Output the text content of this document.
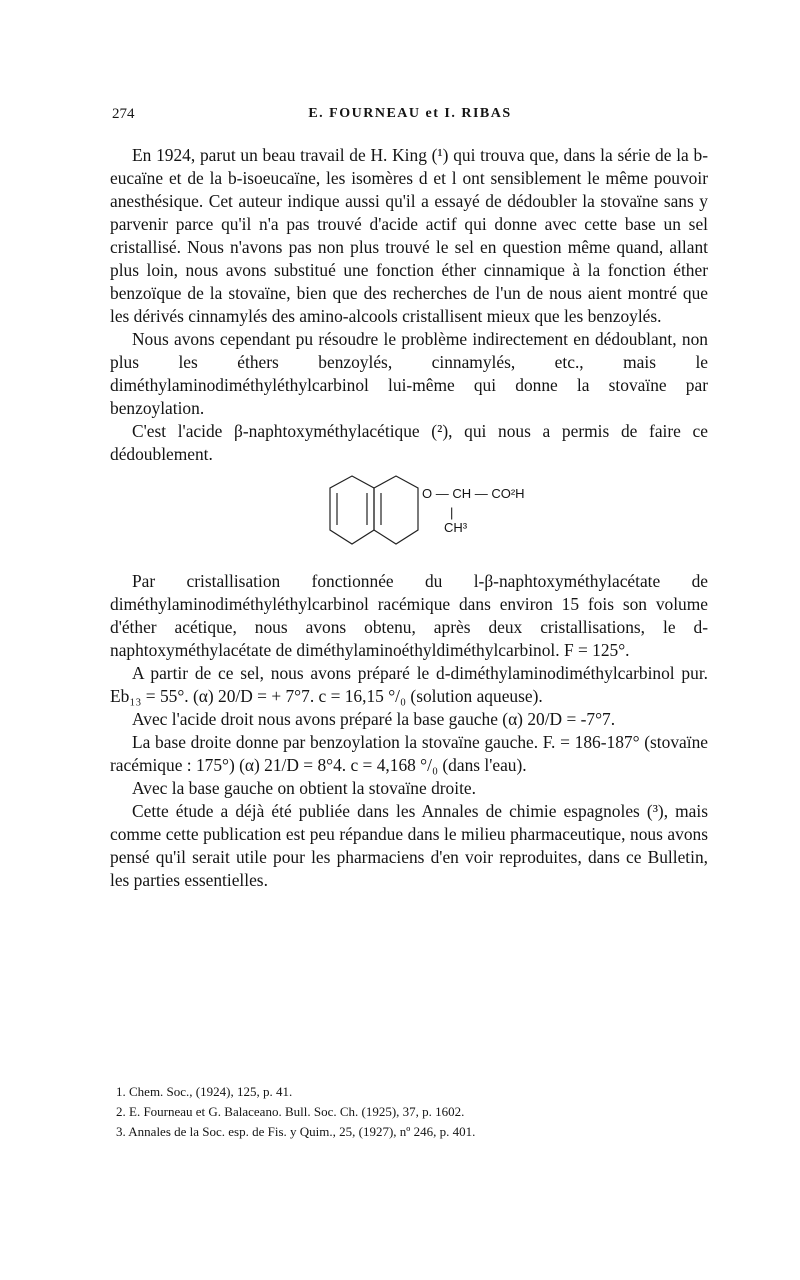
274	E. FOURNEAU et I. RIBAS

En 1924, parut un beau travail de H. King (¹) qui trouva que, dans la série de la b-eucaïne et de la b-isoeucaïne, les isomères d et l ont sensiblement le même pouvoir anesthésique. Cet auteur indique aussi qu'il a essayé de dédoubler la stovaïne sans y parvenir parce qu'il n'a pas trouvé d'acide actif qui donne avec cette base un sel cristallisé. Nous n'avons pas non plus trouvé le sel en question même quand, allant plus loin, nous avons substitué une fonction éther cinnamique à la fonction éther benzoïque de la stovaïne, bien que des recherches de l'un de nous aient montré que les dérivés cinnamylés des amino-alcools cristallisent mieux que les benzoylés.

Nous avons cependant pu résoudre le problème indirectement en dédoublant, non plus les éthers benzoylés, cinnamylés, etc., mais le diméthylaminodiméthyléthylcarbinol lui-même qui donne la stovaïne par benzoylation.

C'est l'acide β-naphtoxyméthylacétique (²), qui nous a permis de faire ce dédoublement.

O — CH — CO²H
|
CH³

Par cristallisation fonctionnée du l-β-naphtoxyméthylacétate de diméthylaminodiméthyléthylcarbinol racémique dans environ 15 fois son volume d'éther acétique, nous avons obtenu, après deux cristallisations, le d-naphtoxyméthylacétate de diméthylaminoéthyldiméthylcarbinol. F = 125°.

A partir de ce sel, nous avons préparé le d-diméthylaminodiméthylcarbinol pur. Eb₁₃ = 55°. (α) 20/D = + 7°7. c = 16,15 °/₀ (solution aqueuse).

Avec l'acide droit nous avons préparé la base gauche (α) 20/D = -7°7.

La base droite donne par benzoylation la stovaïne gauche. F. = 186-187° (stovaïne racémique : 175°) (α) 21/D = 8°4. c = 4,168 °/₀ (dans l'eau).

Avec la base gauche on obtient la stovaïne droite.

Cette étude a déjà été publiée dans les Annales de chimie espagnoles (³), mais comme cette publication est peu répandue dans le milieu pharmaceutique, nous avons pensé qu'il serait utile pour les pharmaciens d'en voir reproduites, dans ce Bulletin, les parties essentielles.

1. Chem. Soc., (1924), 125, p. 41.
2. E. Fourneau et G. Balaceano. Bull. Soc. Ch. (1925), 37, p. 1602.
3. Annales de la Soc. esp. de Fis. y Quim., 25, (1927), nº 246, p. 401.
